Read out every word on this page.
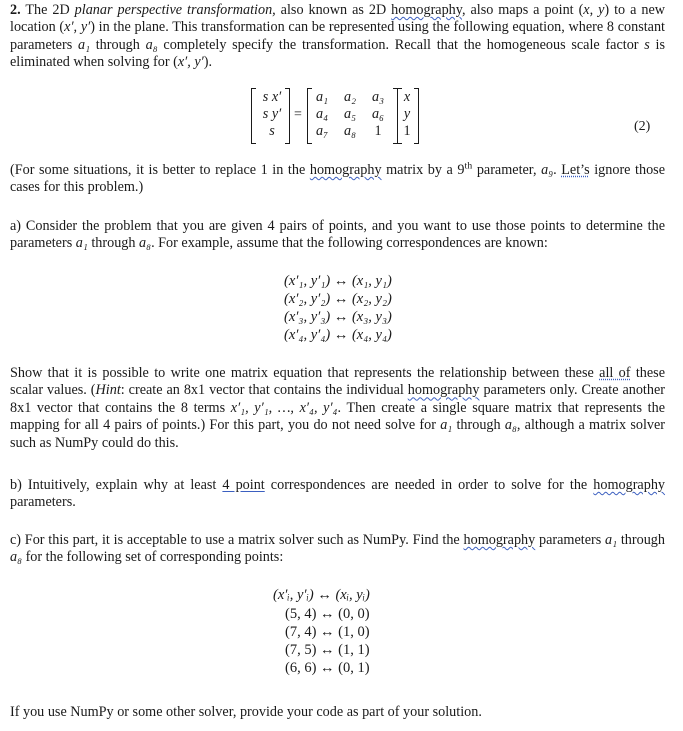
2. The 2D planar perspective transformation, also known as 2D homography, also maps a point (x, y) to a new location (x′, y′) in the plane. This transformation can be represented using the following equation, where 8 constant parameters a₁ through a₈ completely specify the transformation. Recall that the homogeneous scale factor s is eliminated when solving for (x′, y′).
s x′
s y′
s
=
a₁	a₂	a₃
a₄	a₅	a₆
a₇	a₈	1
x
y
1	(2)
(For some situations, it is better to replace 1 in the homography matrix by a 9th parameter, a₉. Let’s ignore those cases for this problem.)
a) Consider the problem that you are given 4 pairs of points, and you want to use those points to determine the parameters a₁ through a₈. For example, assume that the following correspondences are known:
(x′₁, y′₁) ↔ (x₁, y₁)
(x′₂, y′₂) ↔ (x₂, y₂)
(x′₃, y′₃) ↔ (x₃, y₃)
(x′₄, y′₄) ↔ (x₄, y₄)
Show that it is possible to write one matrix equation that represents the relationship between these all of these scalar values. (Hint: create an 8x1 vector that contains the individual homography parameters only. Create another 8x1 vector that contains the 8 terms x′₁, y′₁, …, x′₄, y′₄. Then create a single square matrix that represents the mapping for all 4 pairs of points.) For this part, you do not need solve for a₁ through a₈, although a matrix solver such as NumPy could do this.
b) Intuitively, explain why at least 4 point correspondences are needed in order to solve for the homography parameters.
c) For this part, it is acceptable to use a matrix solver such as NumPy. Find the homography parameters a₁ through a₈ for the following set of corresponding points:
(x′ᵢ, y′ᵢ) ↔ (xᵢ, yᵢ)
(5, 4) ↔ (0, 0)
(7, 4) ↔ (1, 0)
(7, 5) ↔ (1, 1)
(6, 6) ↔ (0, 1)
If you use NumPy or some other solver, provide your code as part of your solution.
